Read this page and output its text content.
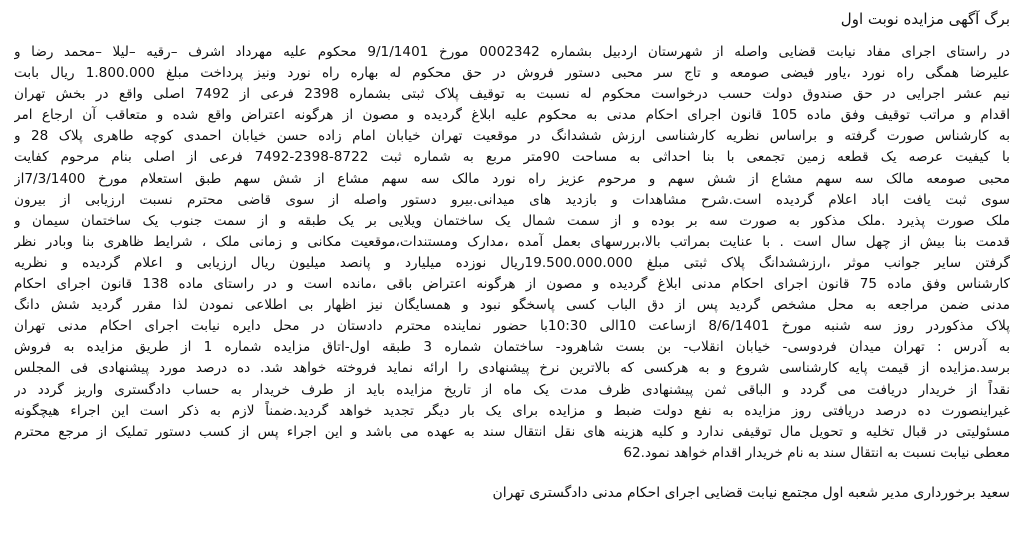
برگ آگهی مزایده نوبت اول
در راستای اجرای مفاد نیابت قضایی واصله از شهرستان اردبیل بشماره 0002342 مورخ 9/1/1401 محکوم علیه مهرداد اشرف –رقیه –لیلا –محمد رضا و
علیرضا همگی راه نورد ،یاور فیضی صومعه و تاج سر محبی دستور فروش در حق محکوم له بهاره راه نورد ونیز پرداخت مبلغ 1.800.000 ریال بابت
نیم عشر اجرایی در حق صندوق دولت حسب درخواست محکوم له نسبت به توقیف پلاک ثبتی بشماره 2398 فرعی از 7492 اصلی واقع در بخش تهران
اقدام و مراتب توقیف وفق ماده 105 قانون اجرای احکام مدنی به محکوم علیه ابلاغ گردیده و مصون از هرگونه اعتراض واقع شده و متعاقب آن ارجاع امر
به کارشناس صورت گرفته و براساس نظریه کارشناسی ارزش ششدانگ در موقعیت تهران خیابان امام زاده حسن خیابان احمدی کوچه طاهری پلاک 28 و
با کیفیت عرصه یک قطعه زمین تجمعی با بنا احداثی به مساحت 90متر مربع به شماره ثبت 8722-2398-7492 فرعی از اصلی بنام مرحوم کفایت
محبی صومعه مالک سه سهم مشاع از شش سهم و مرحوم عزیز راه نورد مالک سه سهم مشاع از شش سهم طبق استعلام مورخ 7/3/1400از
سوی ثبت یافت اباد اعلام گردیده است.شرح مشاهدات و بازدید های میدانی.بیرو دستور واصله از سوی قاضی محترم نسبت ارزیابی از بیرون
ملک صورت پذیرد .ملک مذکور به صورت سه بر بوده و از سمت شمال یک ساختمان ویلایی بر یک طبقه و از سمت جنوب یک ساختمان سیمان و
قدمت بنا بیش از چهل سال است . با عنایت بمراتب بالا،بررسهای بعمل آمده ،مدارک ومستندات،موقعیت مکانی و زمانی ملک ، شرایط ظاهری بنا وبادر نظر
گرفتن سایر جوانب موثر ،ارزششدانگ پلاک ثبتی مبلغ 19.500.000.000ریال نوزده میلیارد و پانصد میلیون ریال ارزیابی و اعلام گردیده و نظریه
کارشناس وفق ماده 75 قانون اجرای احکام مدنی ابلاغ گردیده و مصون از هرگونه اعتراض باقی ،مانده است و در راستای ماده 138 قانون اجرای احکام
مدنی ضمن مراجعه به محل مشخص گردید پس از دق الباب کسی پاسخگو نبود و همسایگان نیز اظهار بی اطلاعی نمودن لذا مقرر گردید شش دانگ
پلاک مذکوردر روز سه شنبه مورخ 8/6/1401 ازساعت 10الی 10:30با حضور نماینده محترم دادستان در محل دایره نیابت اجرای احکام مدنی تهران
به آدرس : تهران میدان فردوسی- خیابان انقلاب- بن بست شاهرود- ساختمان شماره 3 طبقه اول-اتاق مزایده شماره 1 از طریق مزایده به فروش
برسد.مزایده از قیمت پایه کارشناسی شروع و به هرکسی که بالاترین نرخ پیشنهادی را ارائه نماید فروخته خواهد شد. ده درصد مورد پیشنهادی فی المجلس
نقداً از خریدار دریافت می گردد و الباقی ثمن پیشنهادی ظرف مدت یک ماه از تاریخ مزایده باید از طرف خریدار به حساب دادگستری واریز گردد در
غیراینصورت ده درصد دریافتی روز مزایده به نفع دولت ضبط و مزایده برای یک بار دیگر تجدید خواهد گردید.ضمناً لازم به ذکر است این اجراء هیچگونه
مسئولیتی در قبال تخلیه و تحویل مال توقیفی ندارد و کلیه هزینه های نقل انتقال سند به عهده می باشد و این اجراء پس از کسب دستور تملیک از مرجع محترم
معطی نیابت نسبت به انتقال سند به نام خریدار اقدام خواهد نمود.62
سعید برخورداری مدیر شعبه اول مجتمع نیابت قضایی اجرای احکام مدنی دادگستری تهران
